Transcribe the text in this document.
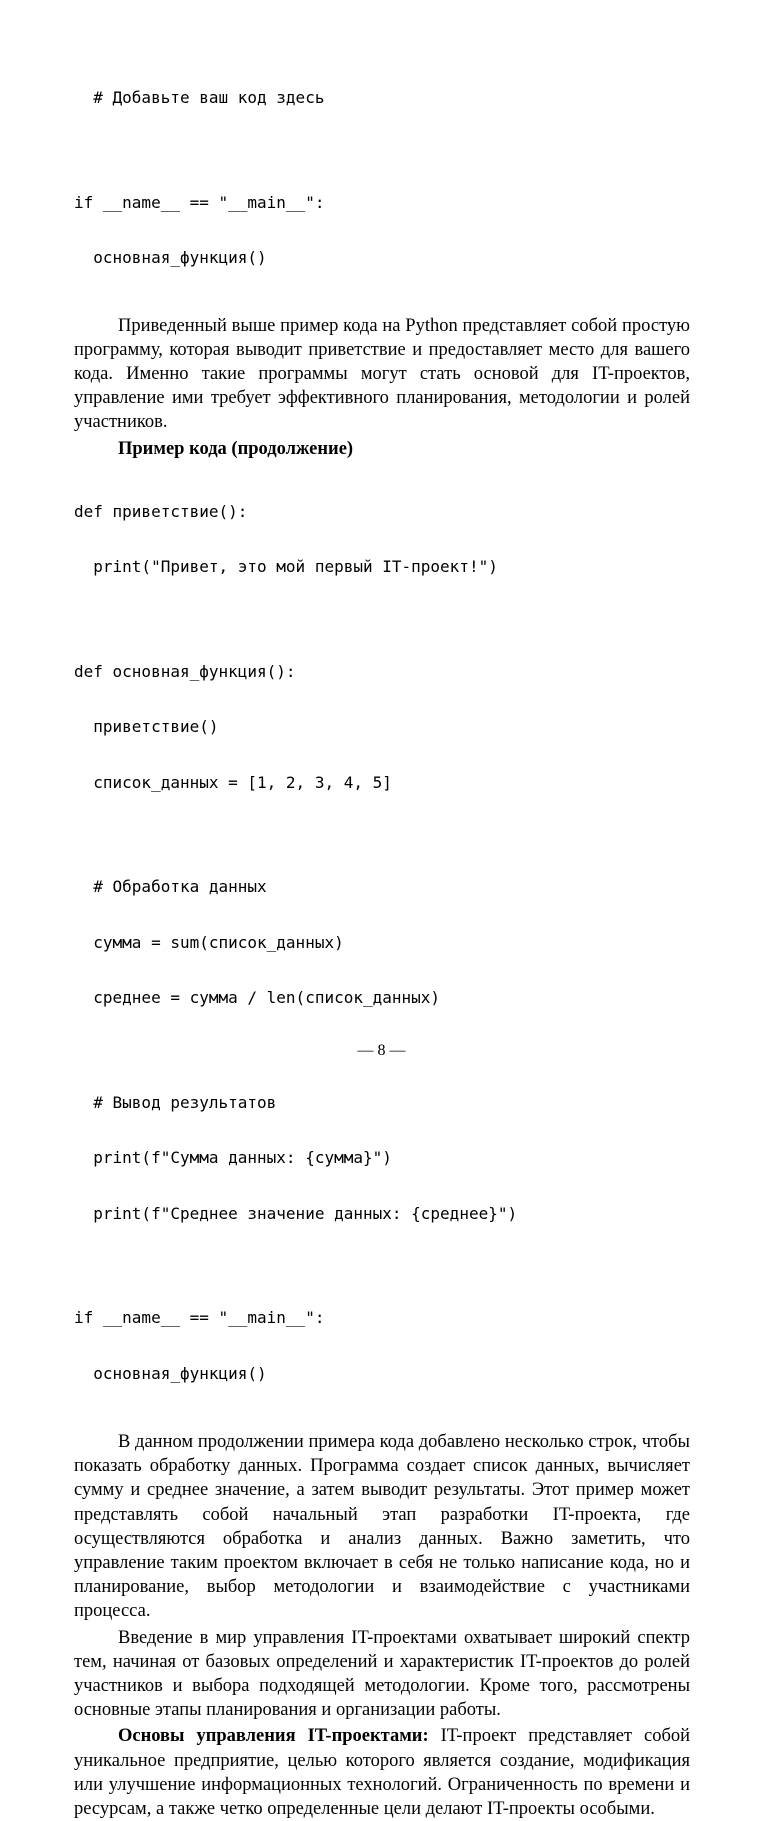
# Добавьте ваш код здесь

if __name__ == "__main__":

основная_функция()

Приведенный выше пример кода на Python представляет собой простую программу, которая выводит приветствие и предоставляет место для вашего кода. Именно такие программы могут стать основой для IT-проектов, управление ими требует эффективного планирования, методологии и ролей участников.

Пример кода (продолжение)

def приветствие():

print("Привет, это мой первый IT-проект!")

def основная_функция():

приветствие()

список_данных = [1, 2, 3, 4, 5]

# Обработка данных

сумма = sum(список_данных)

среднее = сумма / len(список_данных)

# Вывод результатов

print(f"Сумма данных: {сумма}")

print(f"Среднее значение данных: {среднее}")

if __name__ == "__main__":

основная_функция()

В данном продолжении примера кода добавлено несколько строк, чтобы показать обработку данных. Программа создает список данных, вычисляет сумму и среднее значение, а затем выводит результаты. Этот пример может представлять собой начальный этап разработки IT-проекта, где осуществляются обработка и анализ данных. Важно заметить, что управление таким проектом включает в себя не только написание кода, но и планирование, выбор методологии и взаимодействие с участниками процесса.

Введение в мир управления IT-проектами охватывает широкий спектр тем, начиная от базовых определений и характеристик IT-проектов до ролей участников и выбора подходящей методологии. Кроме того, рассмотрены основные этапы планирования и организации работы.

Основы управления IT-проектами: IT-проект представляет собой уникальное предприятие, целью которого является создание, модификация или улучшение информационных технологий. Ограниченность по времени и ресурсам, а также четко определенные цели делают IT-проекты особыми.

— 8 —
